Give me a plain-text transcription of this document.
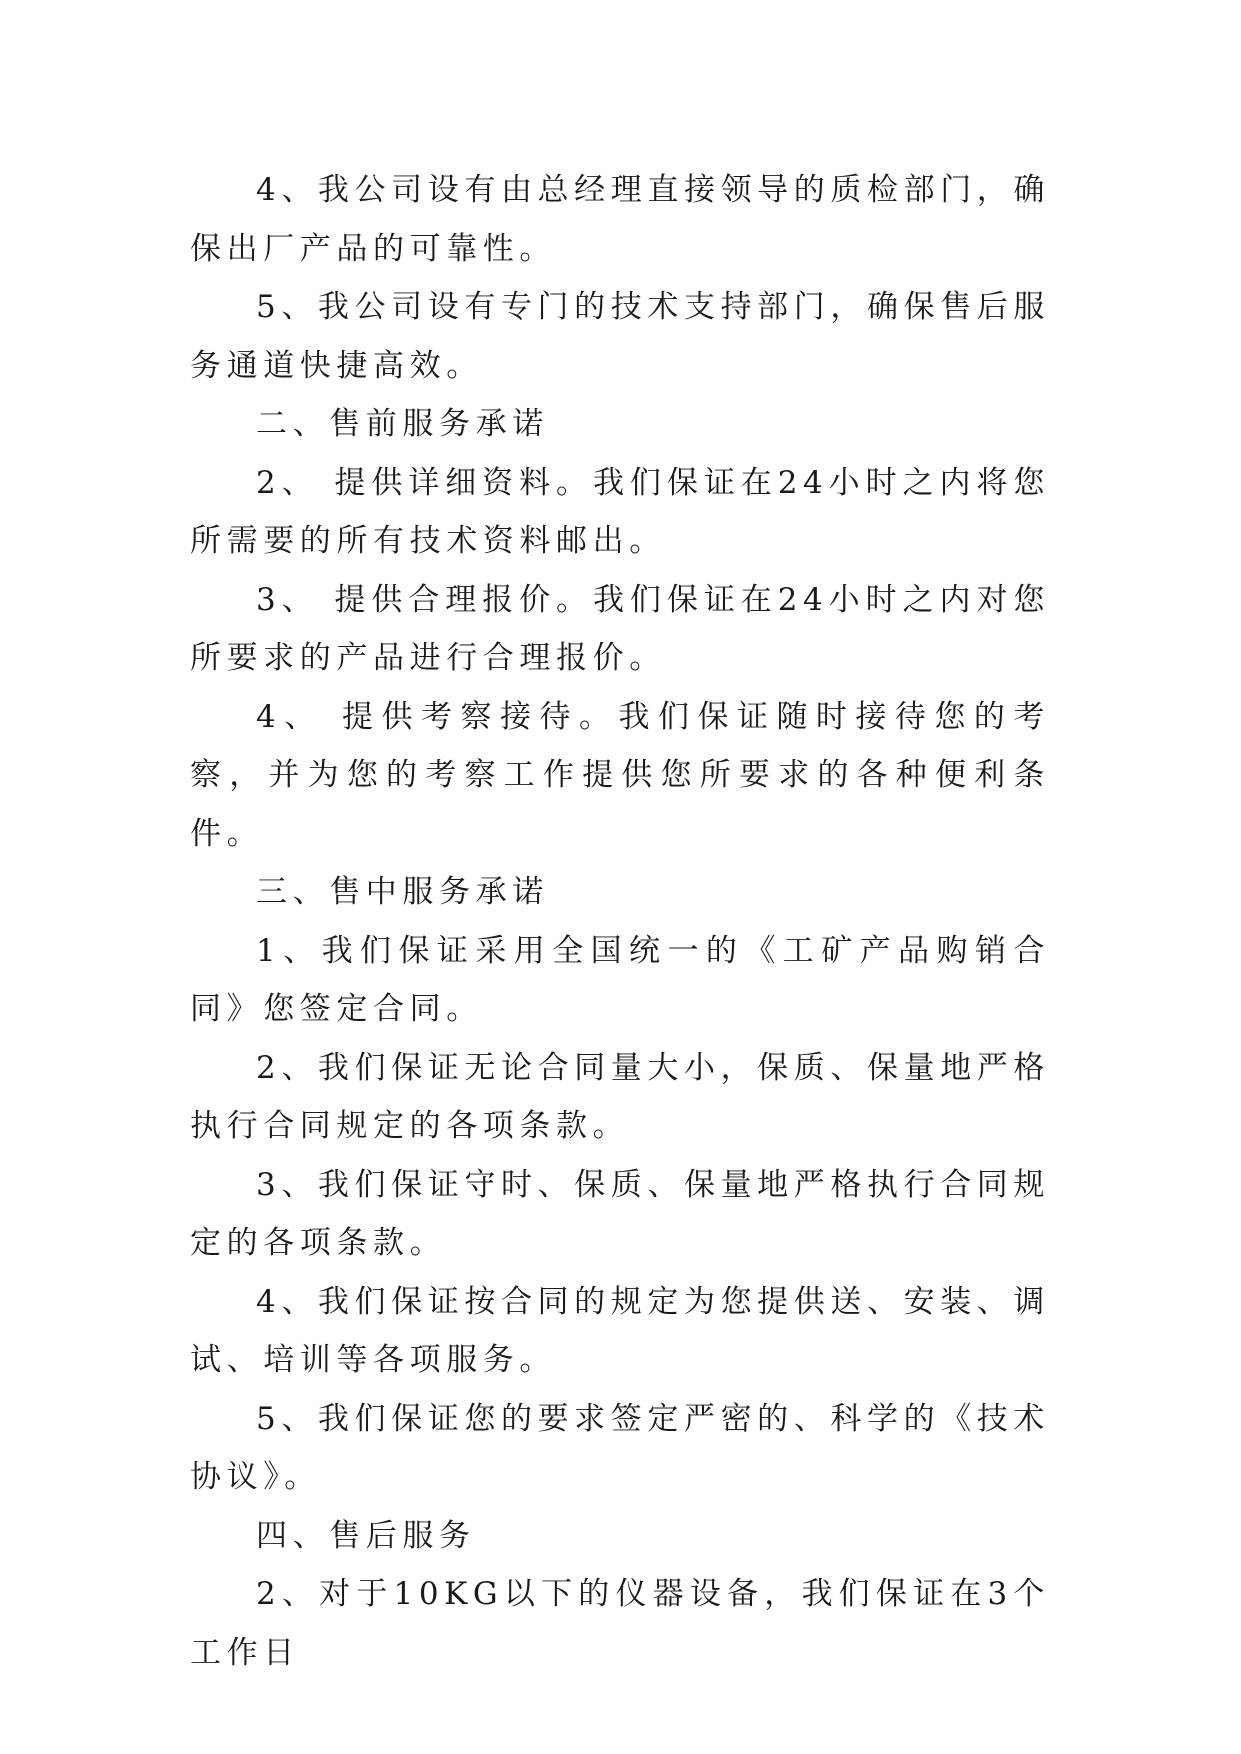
4、我公司设有由总经理直接领导的质检部门，确保出厂产品的可靠性。

5、我公司设有专门的技术支持部门，确保售后服务通道快捷高效。

二、售前服务承诺

2、 提供详细资料。我们保证在24小时之内将您所需要的所有技术资料邮出。

3、 提供合理报价。我们保证在24小时之内对您所要求的产品进行合理报价。

4、 提供考察接待。我们保证随时接待您的考察，并为您的考察工作提供您所要求的各种便利条件。

三、售中服务承诺

1、我们保证采用全国统一的《工矿产品购销合同》您签定合同。

2、我们保证无论合同量大小，保质、保量地严格执行合同规定的各项条款。

3、我们保证守时、保质、保量地严格执行合同规定的各项条款。

4、我们保证按合同的规定为您提供送、安装、调试、培训等各项服务。

5、我们保证您的要求签定严密的、科学的《技术协议》。

四、售后服务

2、对于10KG以下的仪器设备，我们保证在3个工作日
